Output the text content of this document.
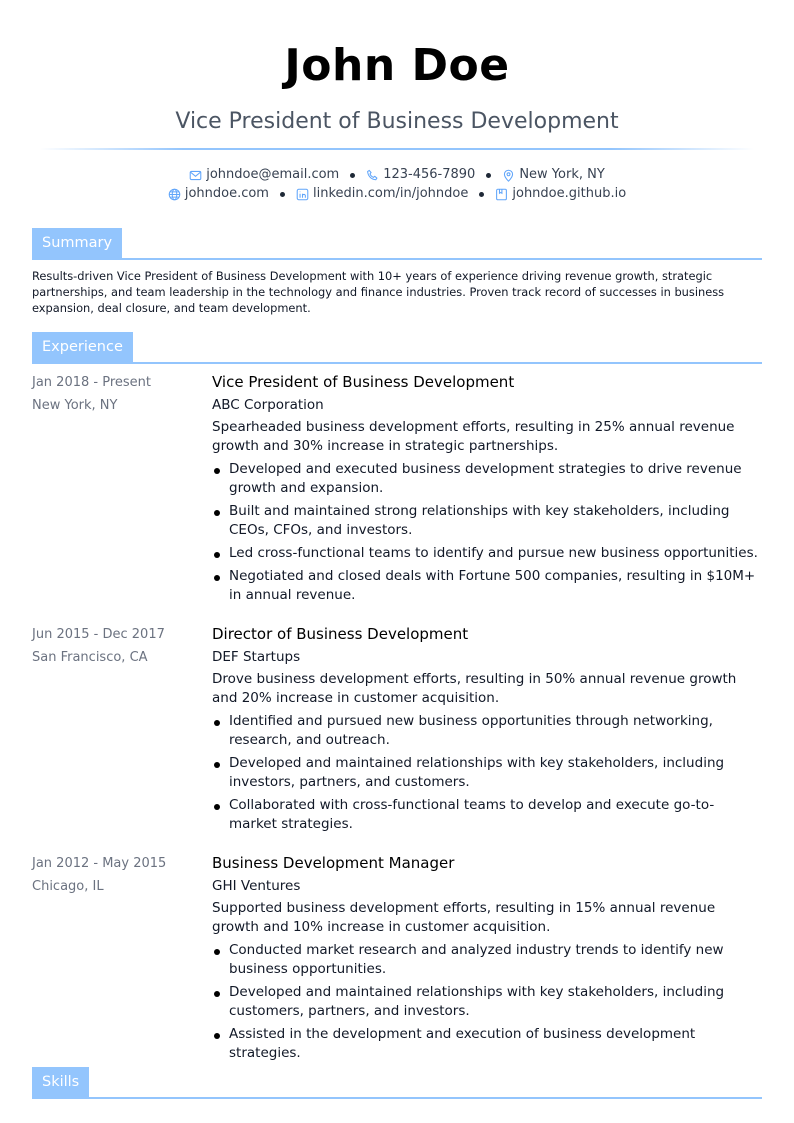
John Doe
Vice President of Business Development
johndoe@email.com	123-456-7890	New York, NY
johndoe.com	linkedin.com/in/johndoe	johndoe.github.io
Summary
Results-driven Vice President of Business Development with 10+ years of experience driving revenue growth, strategic partnerships, and team leadership in the technology and finance industries. Proven track record of successes in business expansion, deal closure, and team development.
Experience
Jan 2018 - Present
New York, NY
Vice President of Business Development
ABC Corporation
Spearheaded business development efforts, resulting in 25% annual revenue growth and 30% increase in strategic partnerships.
Developed and executed business development strategies to drive revenue growth and expansion.
Built and maintained strong relationships with key stakeholders, including CEOs, CFOs, and investors.
Led cross-functional teams to identify and pursue new business opportunities.
Negotiated and closed deals with Fortune 500 companies, resulting in $10M+ in annual revenue.
Jun 2015 - Dec 2017
San Francisco, CA
Director of Business Development
DEF Startups
Drove business development efforts, resulting in 50% annual revenue growth and 20% increase in customer acquisition.
Identified and pursued new business opportunities through networking, research, and outreach.
Developed and maintained relationships with key stakeholders, including investors, partners, and customers.
Collaborated with cross-functional teams to develop and execute go-to-market strategies.
Jan 2012 - May 2015
Chicago, IL
Business Development Manager
GHI Ventures
Supported business development efforts, resulting in 15% annual revenue growth and 10% increase in customer acquisition.
Conducted market research and analyzed industry trends to identify new business opportunities.
Developed and maintained relationships with key stakeholders, including customers, partners, and investors.
Assisted in the development and execution of business development strategies.
Skills
